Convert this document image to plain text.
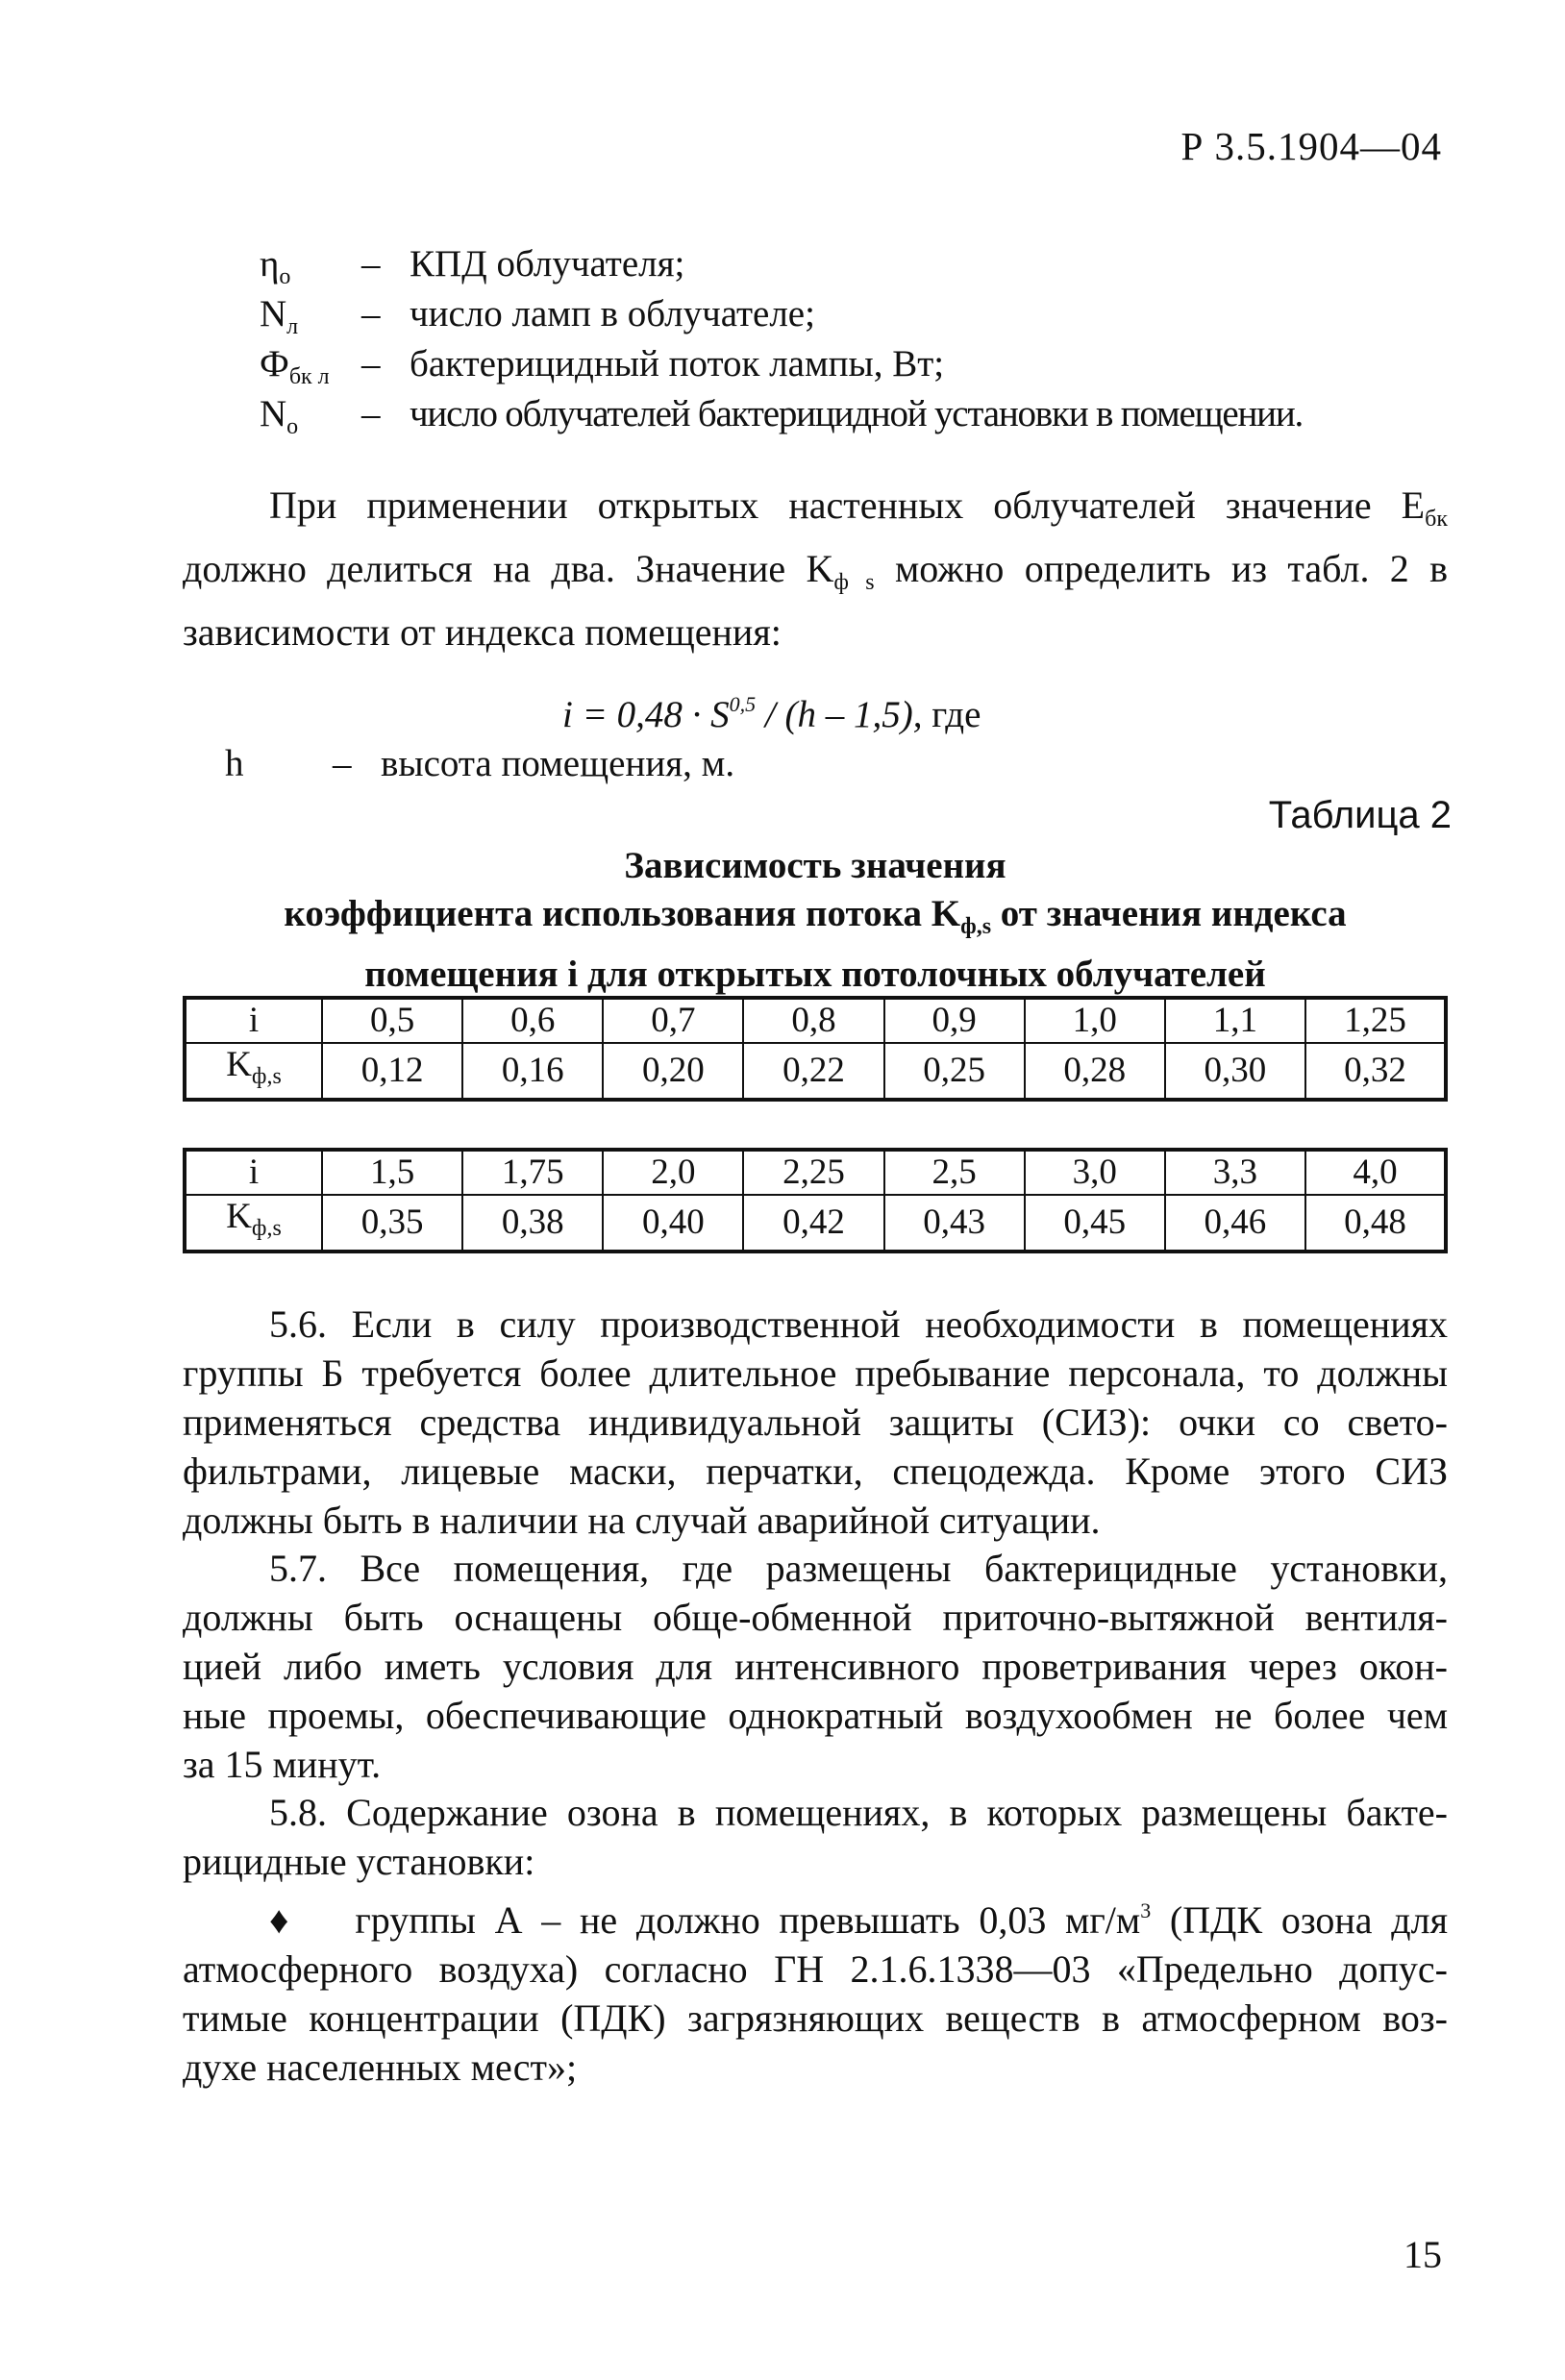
Р 3.5.1904—04
$\eta_о$	– КПД облучателя;
$N_л$	– число ламп в облучателе;
$Ф_{бк л}$ – бактерицидный поток лампы, Вт;
$N_о$	– число облучателей бактерицидной установки в помещении.
При применении открытых настенных облучателей значение $E_{бк}$
должно делиться на два. Значение $K_{ф s}$ можно определить из табл. 2 в
зависимости от индекса помещения:
i = 0,48 · S$^{0,5}$ / (h – 1,5), где
h	– высота помещения, м.
Таблица 2
Зависимость значения
коэффициента использования потока $K_{ф,s}$ от значения индекса
помещения i для открытых потолочных облучателей
i	0,5	0,6	0,7	0,8	0,9	1,0	1,1	1,25
$K_{ф,s}$	0,12	0,16	0,20	0,22	0,25	0,28	0,30	0,32
i	1,5	1,75	2,0	2,25	2,5	3,0	3,3	4,0
$K_{ф,s}$	0,35	0,38	0,40	0,42	0,43	0,45	0,46	0,48
5.6. Если в силу производственной необходимости в помещениях
группы Б требуется более длительное пребывание персонала, то должны
применяться средства индивидуальной защиты (СИЗ): очки со свето-
фильтрами, лицевые маски, перчатки, спецодежда. Кроме этого СИЗ
должны быть в наличии на случай аварийной ситуации.
5.7. Все помещения, где размещены бактерицидные установки,
должны быть оснащены обще-обменной приточно-вытяжной вентиля-
цией либо иметь условия для интенсивного проветривания через окон-
ные проемы, обеспечивающие однократный воздухообмен не более чем
за 15 минут.
5.8. Содержание озона в помещениях, в которых размещены бакте-
рицидные установки:
♦ группы А – не должно превышать 0,03 $мг/м^3$ (ПДК озона для
атмосферного воздуха) согласно ГН 2.1.6.1338—03 «Предельно допус-
тимые концентрации (ПДК) загрязняющих веществ в атмосферном воз-
духе населенных мест»;
15
